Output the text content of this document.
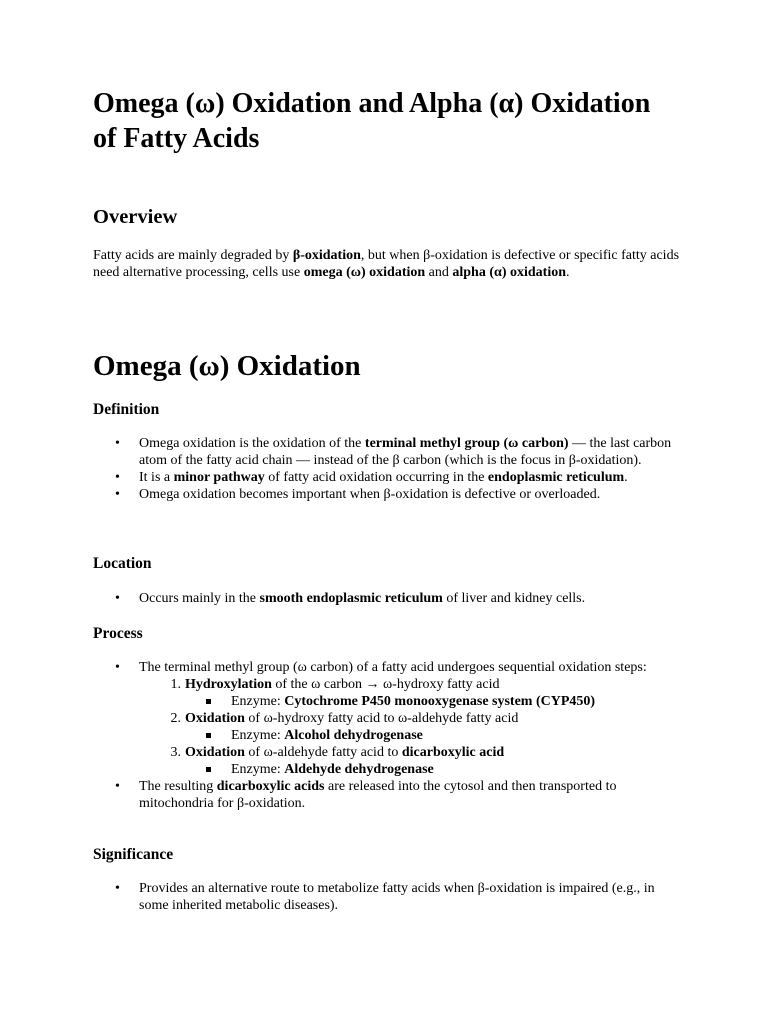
Omega (ω) Oxidation and Alpha (α) Oxidation of Fatty Acids
Overview

Fatty acids are mainly degraded by β-oxidation, but when β-oxidation is defective or specific fatty acids need alternative processing, cells use omega (ω) oxidation and alpha (α) oxidation.

Omega (ω) Oxidation
Definition
• Omega oxidation is the oxidation of the terminal methyl group (ω carbon) — the last carbon atom of the fatty acid chain — instead of the β carbon (which is the focus in β-oxidation).
• It is a minor pathway of fatty acid oxidation occurring in the endoplasmic reticulum.
• Omega oxidation becomes important when β-oxidation is defective or overloaded.
Location
• Occurs mainly in the smooth endoplasmic reticulum of liver and kidney cells.
Process
• The terminal methyl group (ω carbon) of a fatty acid undergoes sequential oxidation steps:
1. Hydroxylation of the ω carbon → ω-hydroxy fatty acid
Enzyme: Cytochrome P450 monooxygenase system (CYP450)
2. Oxidation of ω-hydroxy fatty acid to ω-aldehyde fatty acid
Enzyme: Alcohol dehydrogenase
3. Oxidation of ω-aldehyde fatty acid to dicarboxylic acid
Enzyme: Aldehyde dehydrogenase
• The resulting dicarboxylic acids are released into the cytosol and then transported to mitochondria for β-oxidation.
Significance
• Provides an alternative route to metabolize fatty acids when β-oxidation is impaired (e.g., in some inherited metabolic diseases).
